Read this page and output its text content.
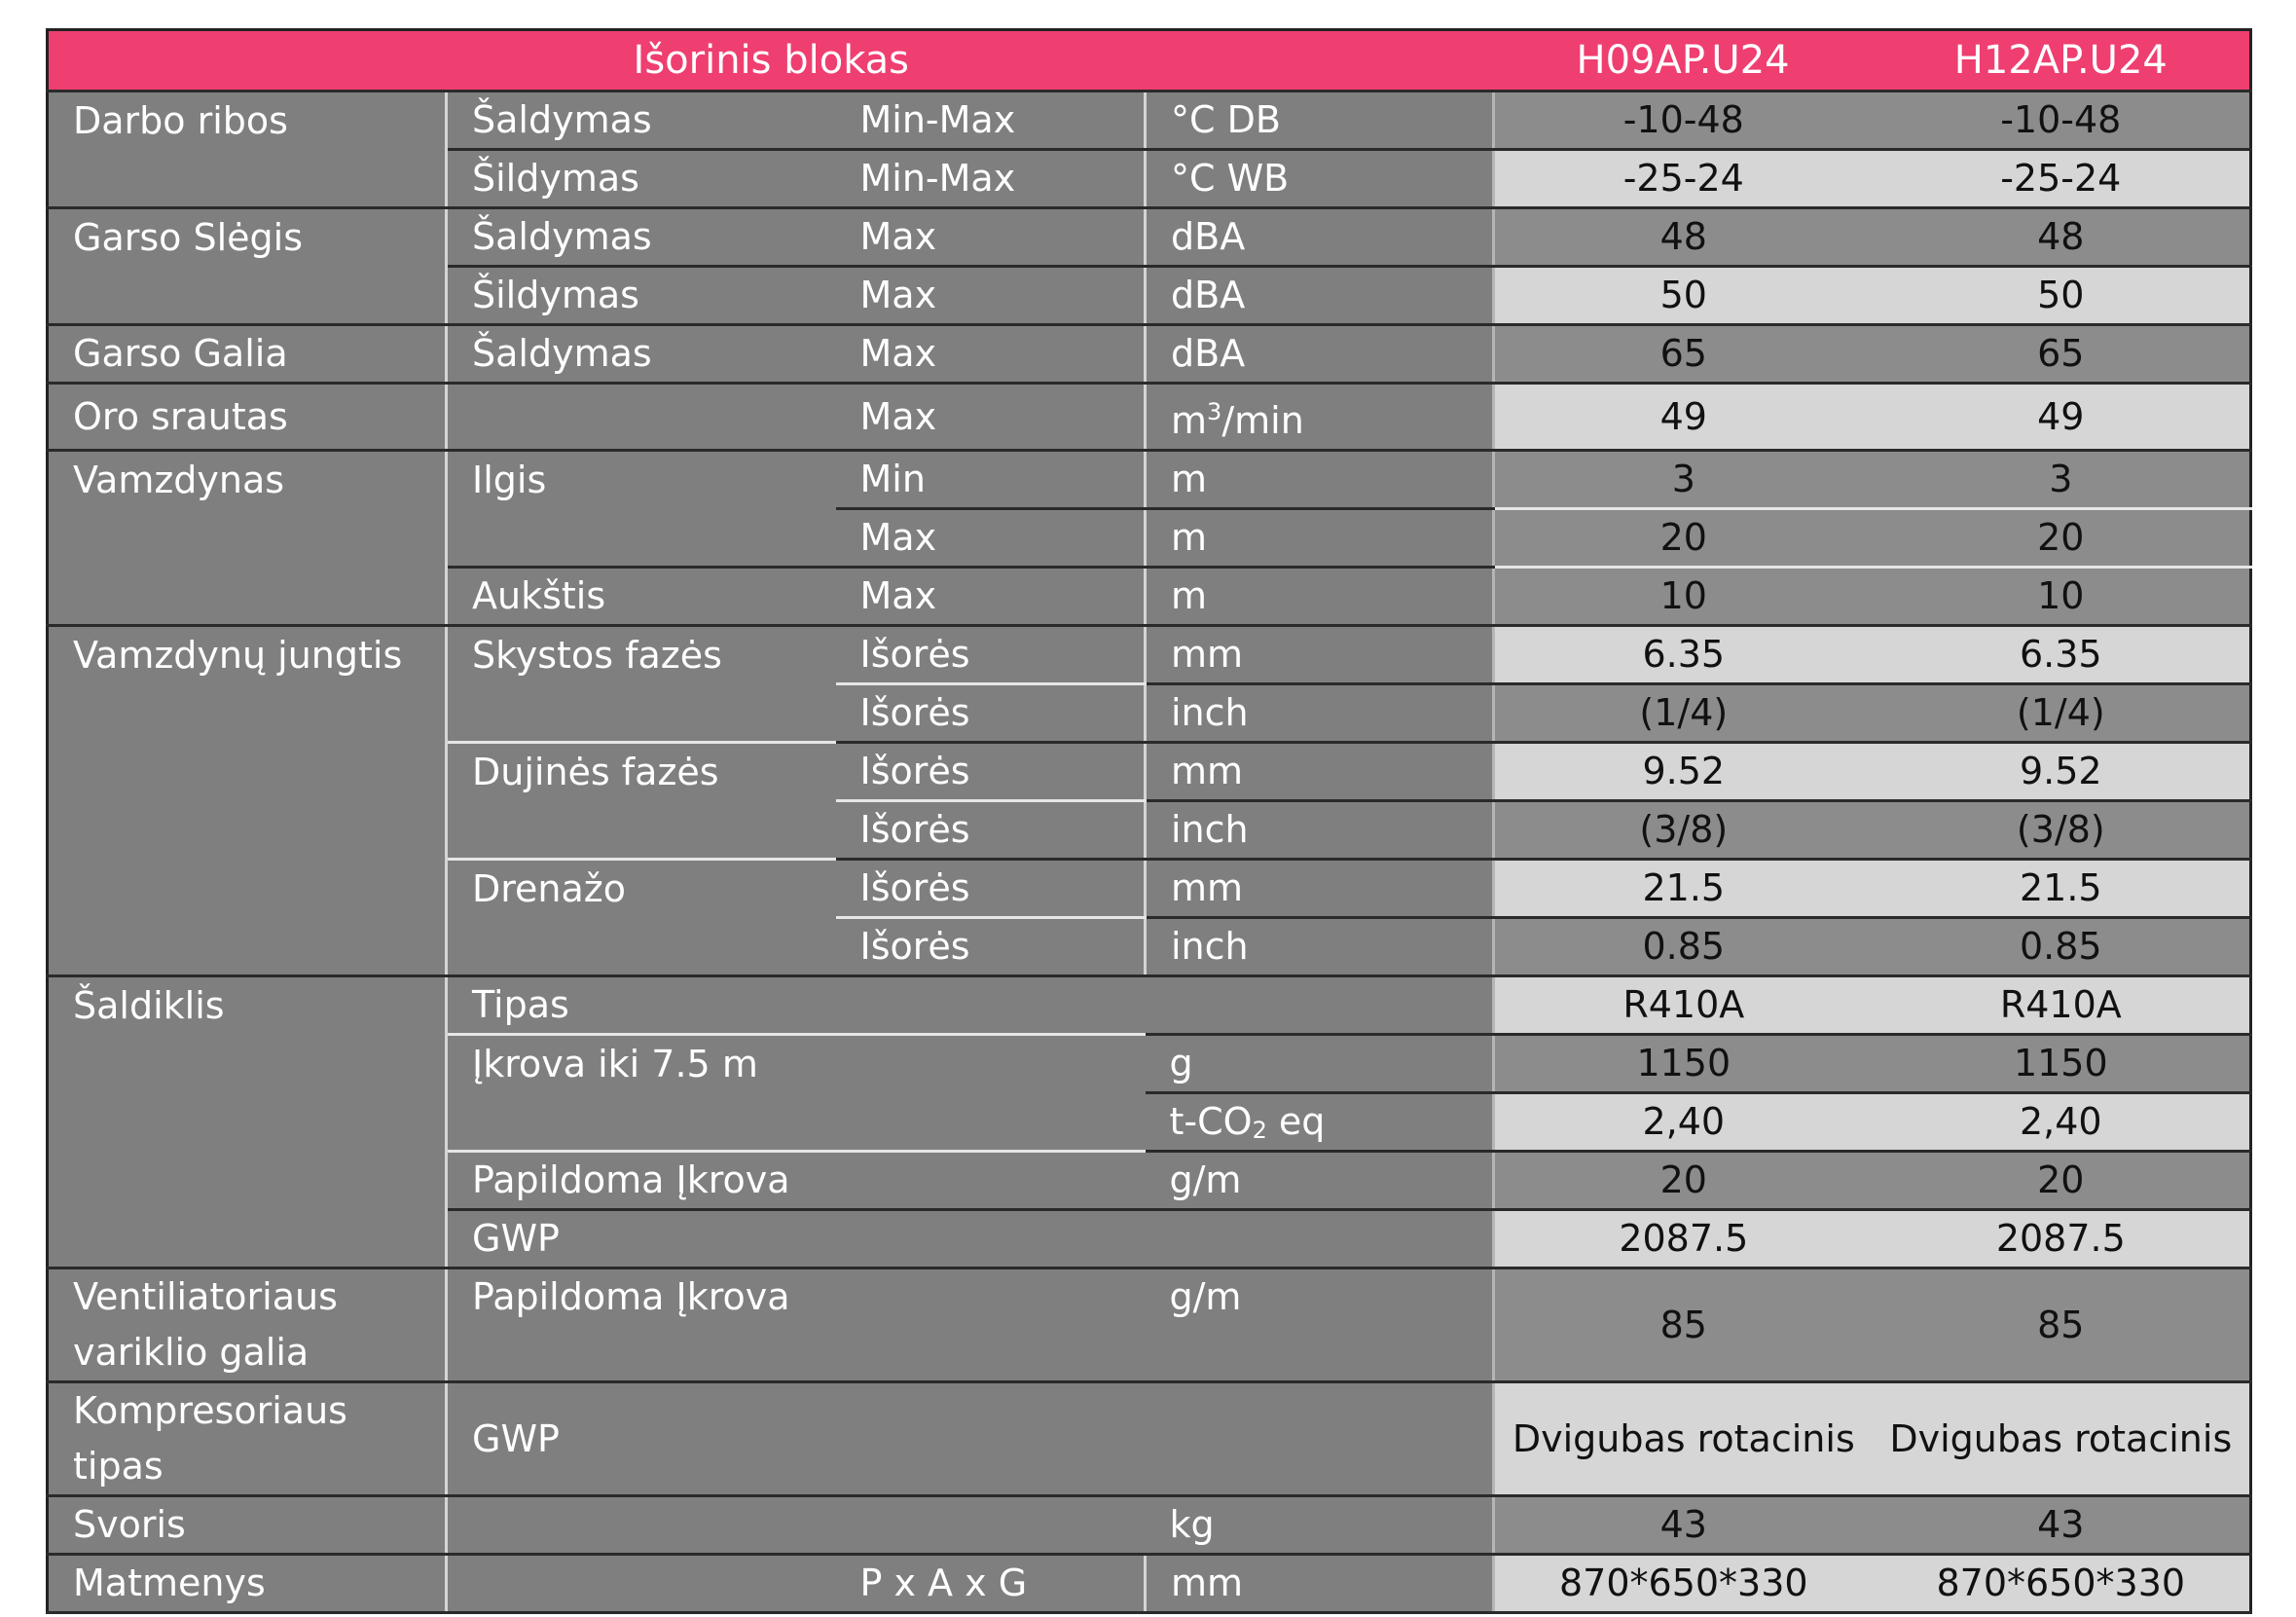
Išorinis blokas				H09AP.U24	H12AP.U24
Darbo ribos	Šaldymas	Min-Max	°C DB	-10-48	-10-48
	Šildymas	Min-Max	°C WB	-25-24	-25-24
Garso Slėgis	Šaldymas	Max	dBA	48	48
	Šildymas	Max	dBA	50	50
Garso Galia	Šaldymas	Max	dBA	65	65
Oro srautas		Max	$m^3/\min$	49	49
Vamzdynas	Ilgis	Min	m	3	3
		Max	m	20	20
	Aukštis	Max	m	10	10
Vamzdynų jungtis	Skystos fazės	Išorės	mm	6.35	6.35
		Išorės	inch	(1/4)	(1/4)
	Dujinės fazės	Išorės	mm	9.52	9.52
		Išorės	inch	(3/8)	(3/8)
	Drenažo	Išorės	mm	21.5	21.5
		Išorės	inch	0.85	0.85
Šaldiklis	Tipas			R410A	R410A
	Įkrova iki 7.5 m		g	1150	1150
			$t-CO_2$ eq	2,40	2,40
	Papildoma Įkrova		g/m	20	20
	GWP			2087.5	2087.5
Ventiliatoriaus variklio galia	Papildoma Įkrova		g/m	85	85
Kompresoriaus tipas	GWP			Dvigubas rotacinis	Dvigubas rotacinis
Svoris			kg	43	43
Matmenys		P x A x G	mm	870*650*330	870*650*330
